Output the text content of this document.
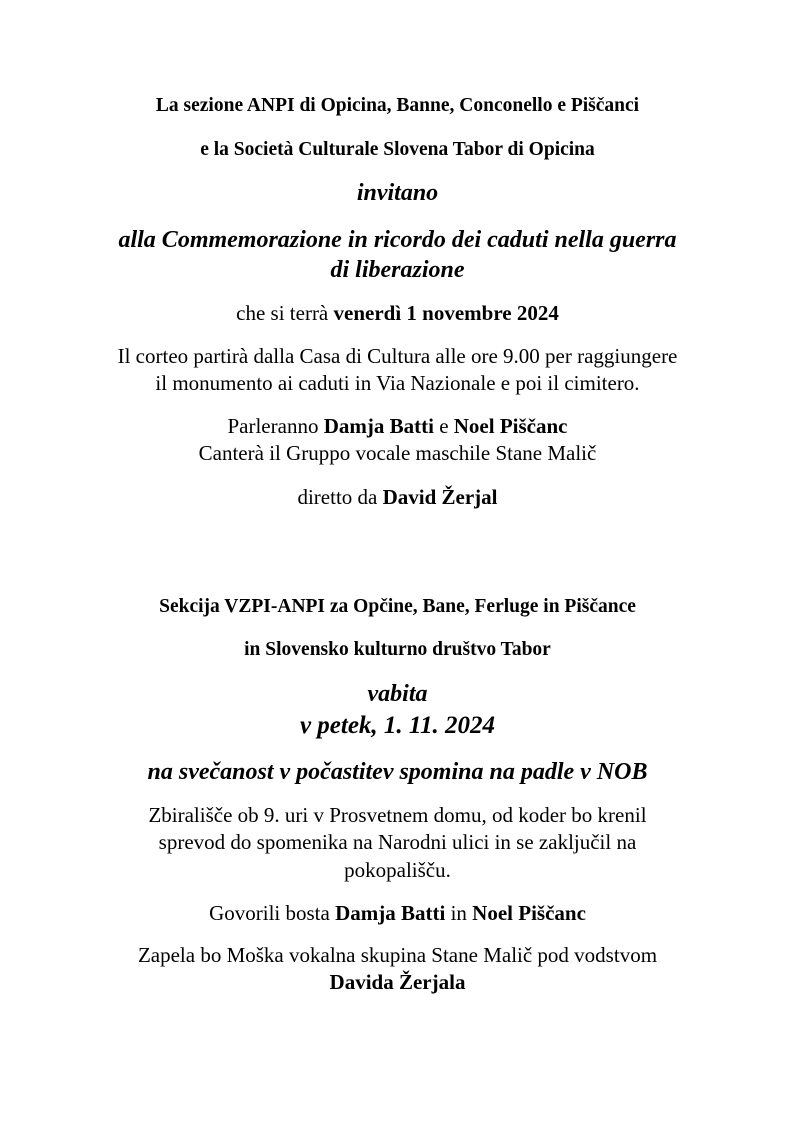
La sezione ANPI di Opicina, Banne, Conconello e Piščanci
e la Società Culturale Slovena Tabor di Opicina
invitano
alla Commemorazione in ricordo dei caduti nella guerra
di liberazione
che si terrà venerdì 1 novembre 2024
Il corteo partirà dalla Casa di Cultura alle ore 9.00 per raggiungere
il monumento ai caduti in Via Nazionale e poi il cimitero.
Parleranno Damja Batti e Noel Piščanc
Canterà il Gruppo vocale maschile Stane Malič
diretto da David Žerjal
Sekcija VZPI-ANPI za Opčine, Bane, Ferluge in Piščance
in Slovensko kulturno društvo Tabor
vabita
v petek, 1. 11. 2024
na svečanost v počastitev spomina na padle v NOB
Zbirališče ob 9. uri v Prosvetnem domu, od koder bo krenil
sprevod do spomenika na Narodni ulici in se zaključil na
pokopališču.
Govorili bosta Damja Batti in Noel Piščanc
Zapela bo Moška vokalna skupina Stane Malič pod vodstvom
Davida Žerjala
